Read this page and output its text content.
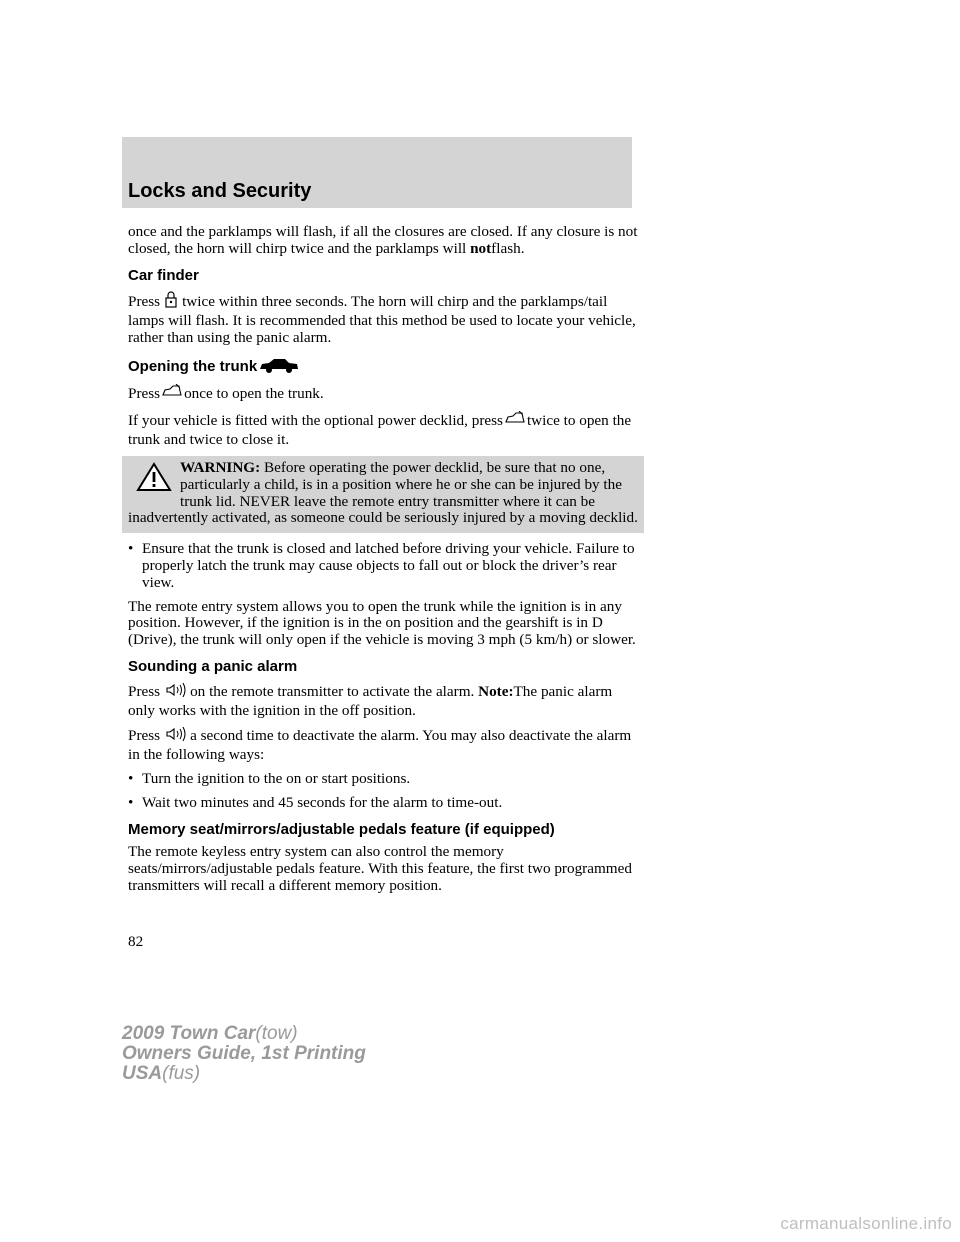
Locks and Security

once and the parklamps will flash, if all the closures are closed. If any closure is not closed, the horn will chirp twice and the parklamps will notflash.

Car finder

Press twice within three seconds. The horn will chirp and the parklamps/tail lamps will flash. It is recommended that this method be used to locate your vehicle, rather than using the panic alarm.

Opening the trunk

Press once to open the trunk.

If your vehicle is fitted with the optional power decklid, press twice to open the trunk and twice to close it.

WARNING: Before operating the power decklid, be sure that no one, particularly a child, is in a position where he or she can be injured by the trunk lid. NEVER leave the remote entry transmitter where it can be inadvertently activated, as someone could be seriously injured by a moving decklid.
• Ensure that the trunk is closed and latched before driving your vehicle. Failure to properly latch the trunk may cause objects to fall out or block the driver’s rear view.

The remote entry system allows you to open the trunk while the ignition is in any position. However, if the ignition is in the on position and the gearshift is in D (Drive), the trunk will only open if the vehicle is moving 3 mph (5 km/h) or slower.

Sounding a panic alarm

Press on the remote transmitter to activate the alarm. Note:The panic alarm only works with the ignition in the off position.

Press a second time to deactivate the alarm. You may also deactivate the alarm in the following ways:

• Turn the ignition to the on or start positions.
• Wait two minutes and 45 seconds for the alarm to time-out.
Memory seat/mirrors/adjustable pedals feature (if equipped)

The remote keyless entry system can also control the memory seats/mirrors/adjustable pedals feature. With this feature, the first two programmed transmitters will recall a different memory position.

82
2009 Town Car(tow)
Owners Guide, 1st Printing
USA(fus)
carmanualsonline.info
